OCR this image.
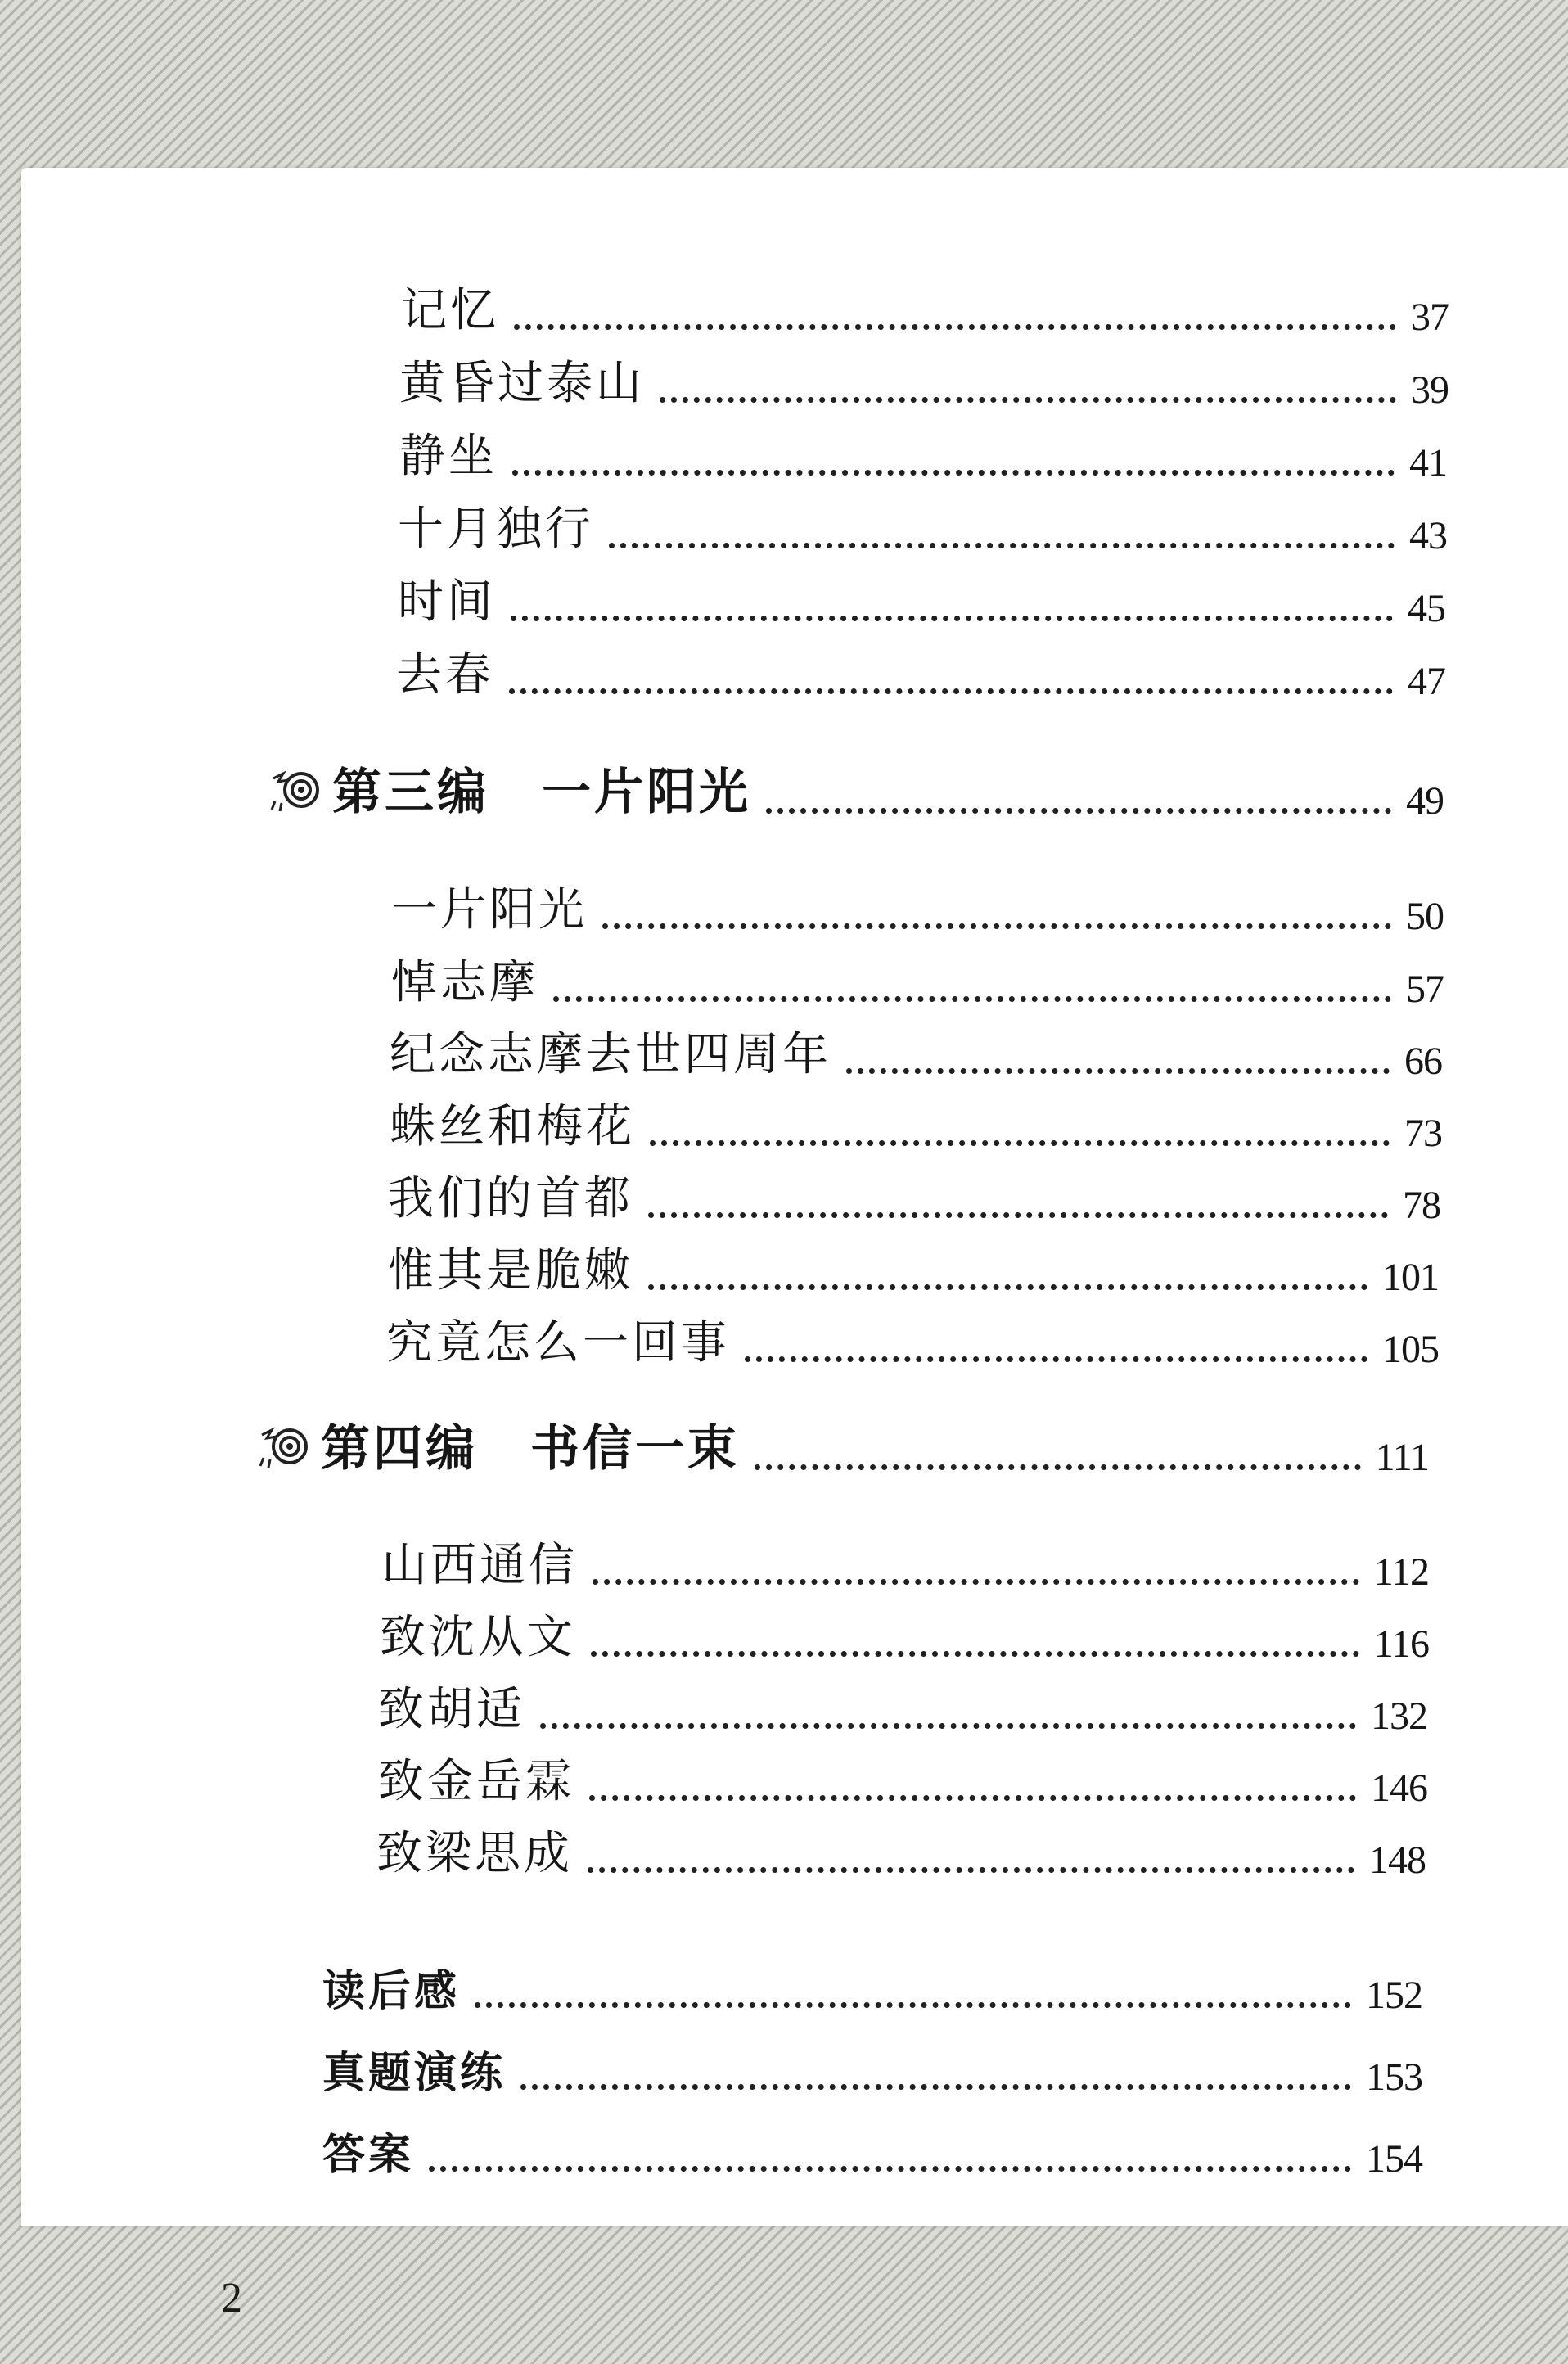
记忆	37
黄昏过泰山	39
静坐	41
十月独行	43
时间	45
去春	47
第三编　一片阳光	49
一片阳光	50
悼志摩	57
纪念志摩去世四周年	66
蛛丝和梅花	73
我们的首都	78
惟其是脆嫩	101
究竟怎么一回事	105
第四编　书信一束	111
山西通信	112
致沈从文	116
致胡适	132
致金岳霖	146
致梁思成	148
读后感	152
真题演练	153
答案	154
2
